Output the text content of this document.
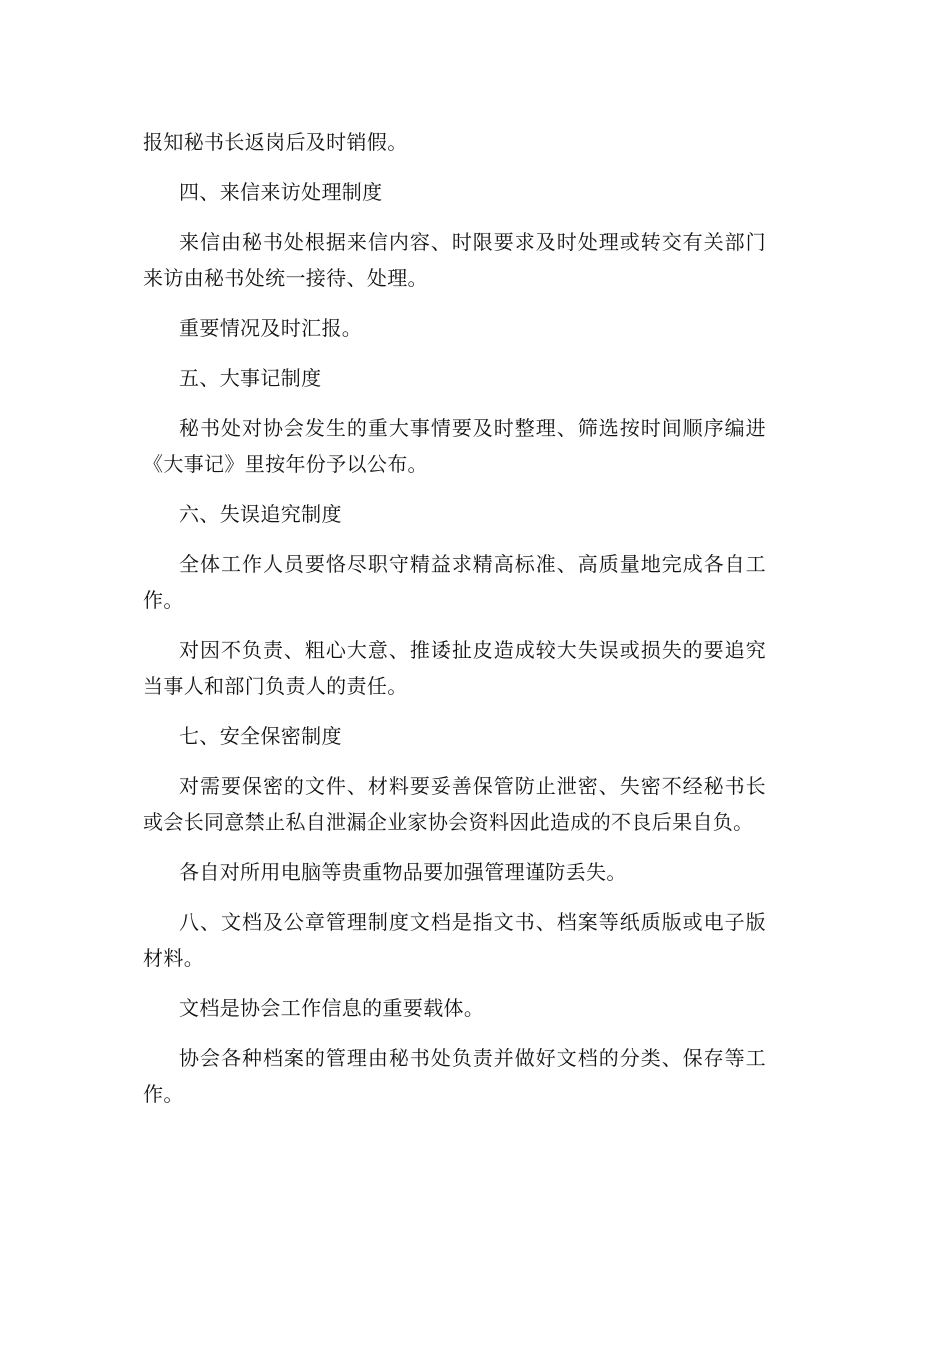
报知秘书长返岗后及时销假。

四、来信来访处理制度

来信由秘书处根据来信内容、时限要求及时处理或转交有关部门来访由秘书处统一接待、处理。

重要情况及时汇报。

五、大事记制度

秘书处对协会发生的重大事情要及时整理、筛选按时间顺序编进《大事记》里按年份予以公布。

六、失误追究制度

全体工作人员要恪尽职守精益求精高标准、高质量地完成各自工作。

对因不负责、粗心大意、推诿扯皮造成较大失误或损失的要追究当事人和部门负责人的责任。

七、安全保密制度

对需要保密的文件、材料要妥善保管防止泄密、失密不经秘书长或会长同意禁止私自泄漏企业家协会资料因此造成的不良后果自负。

各自对所用电脑等贵重物品要加强管理谨防丢失。

八、文档及公章管理制度文档是指文书、档案等纸质版或电子版材料。

文档是协会工作信息的重要载体。

协会各种档案的管理由秘书处负责并做好文档的分类、保存等工作。
